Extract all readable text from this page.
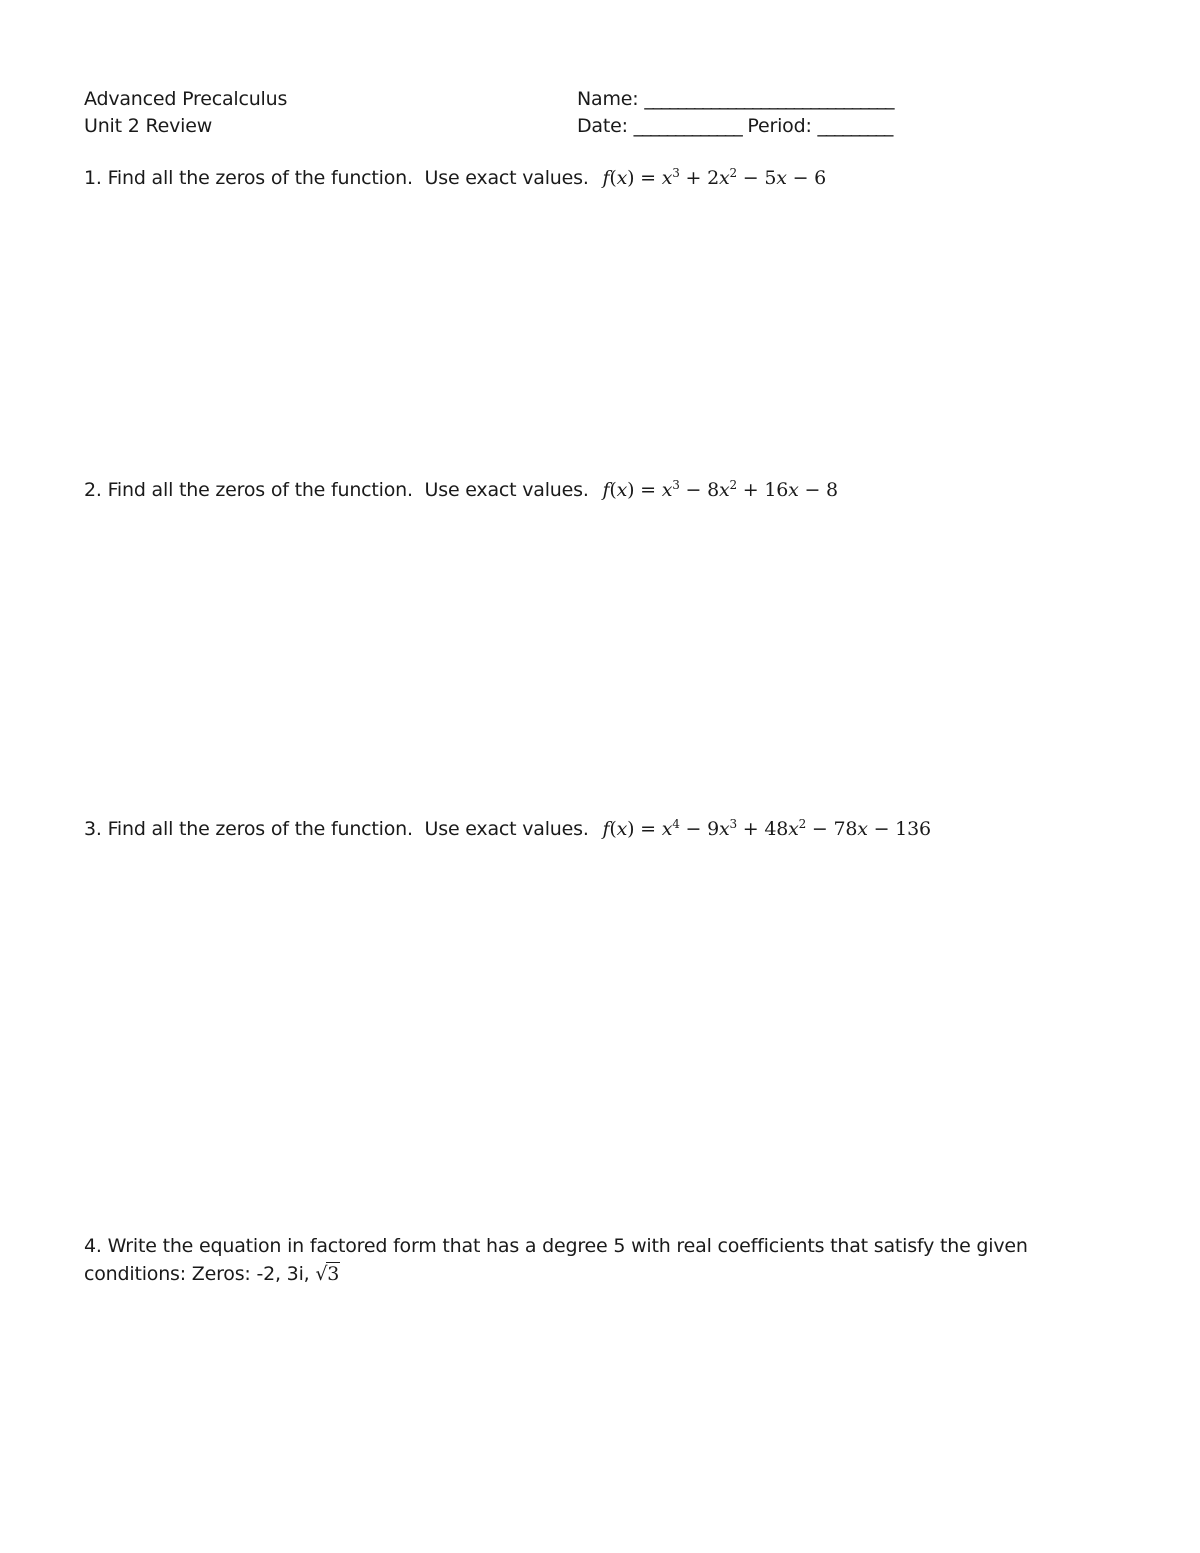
Advanced Precalculus
Unit 2 Review
Name: ______________________________
Date: _____________ Period: _________
1. Find all the zeros of the function.  Use exact values. $f(x) = x^3 + 2x^2 - 5x - 6$
2. Find all the zeros of the function.  Use exact values. $f(x) = x^3 - 8x^2 + 16x - 8$
3. Find all the zeros of the function.  Use exact values. $f(x) = x^4 - 9x^3 + 48x^2 - 78x - 136$
4. Write the equation in factored form that has a degree 5 with real coefficients that satisfy the given
conditions: Zeros: -2, 3i, √3
